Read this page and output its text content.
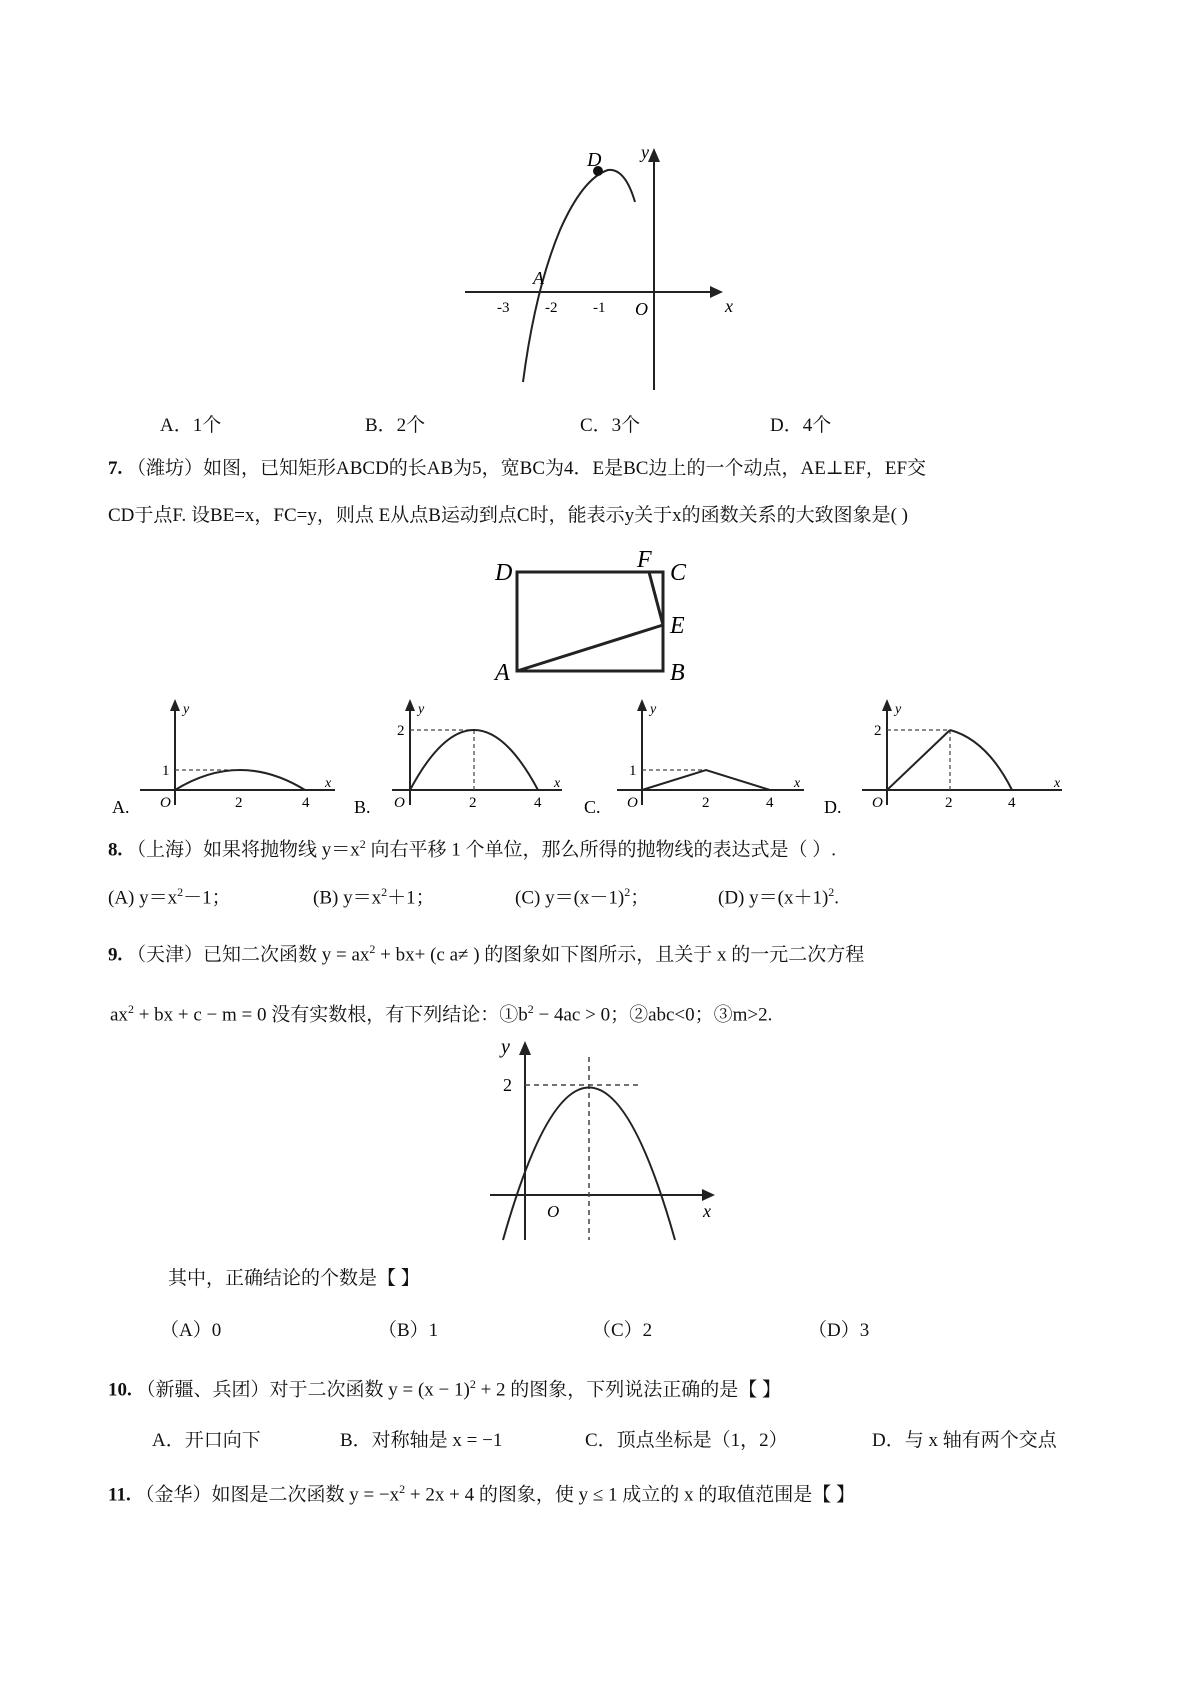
D
A
y
x
O
-3 -2 -1
A．1个	B．2个	C．3个	D．4个
7. （潍坊）如图，已知矩形ABCD的长AB为5，宽BC为4．E是BC边上的一个动点，AE⊥EF，EF交
CD于点F. 设BE=x，FC=y，则点 E从点B运动到点C时，能表示y关于x的函数关系的大致图象是( )
D	F C
E
A	B
A.
y
1
O	2	4
x
B.
y
2
O	2	4
x
C.
y
1
O	2	4
x
D.
y
2
O	2	4
x
8. （上海）如果将抛物线 $y=x^2$ 向右平移 1 个单位，那么所得的抛物线的表达式是（ ）.
(A) $y=x^2-1$；	(B) $y=x^2+1$；	(C) $y=(x-1)^2$；	(D) $y=(x+1)^2$.
9. （天津）已知二次函数 $y = ax^2 + bx+ (c$ a≠ ) 的图象如下图所示，且关于 x 的一元二次方程
$ax^2$ + bx + c − m = 0 没有实数根，有下列结论：$①b^2 - 4ac > 0$；②abc<0；③m>2.
y
2
O	x
其中，正确结论的个数是【 】
（A）0	（B）1	（C）2	（D）3
10. （新疆、兵团）对于二次函数 $y = (x - 1)^2 + 2$ 的图象，下列说法正确的是【 】
A．开口向下	B．对称轴是 x = −1	C．顶点坐标是（1，2）	D．与 x 轴有两个交点
11. （金华）如图是二次函数 $y = -x^2 + 2x + 4$ 的图象，使 y ≤ 1 成立的 x 的取值范围是【 】
